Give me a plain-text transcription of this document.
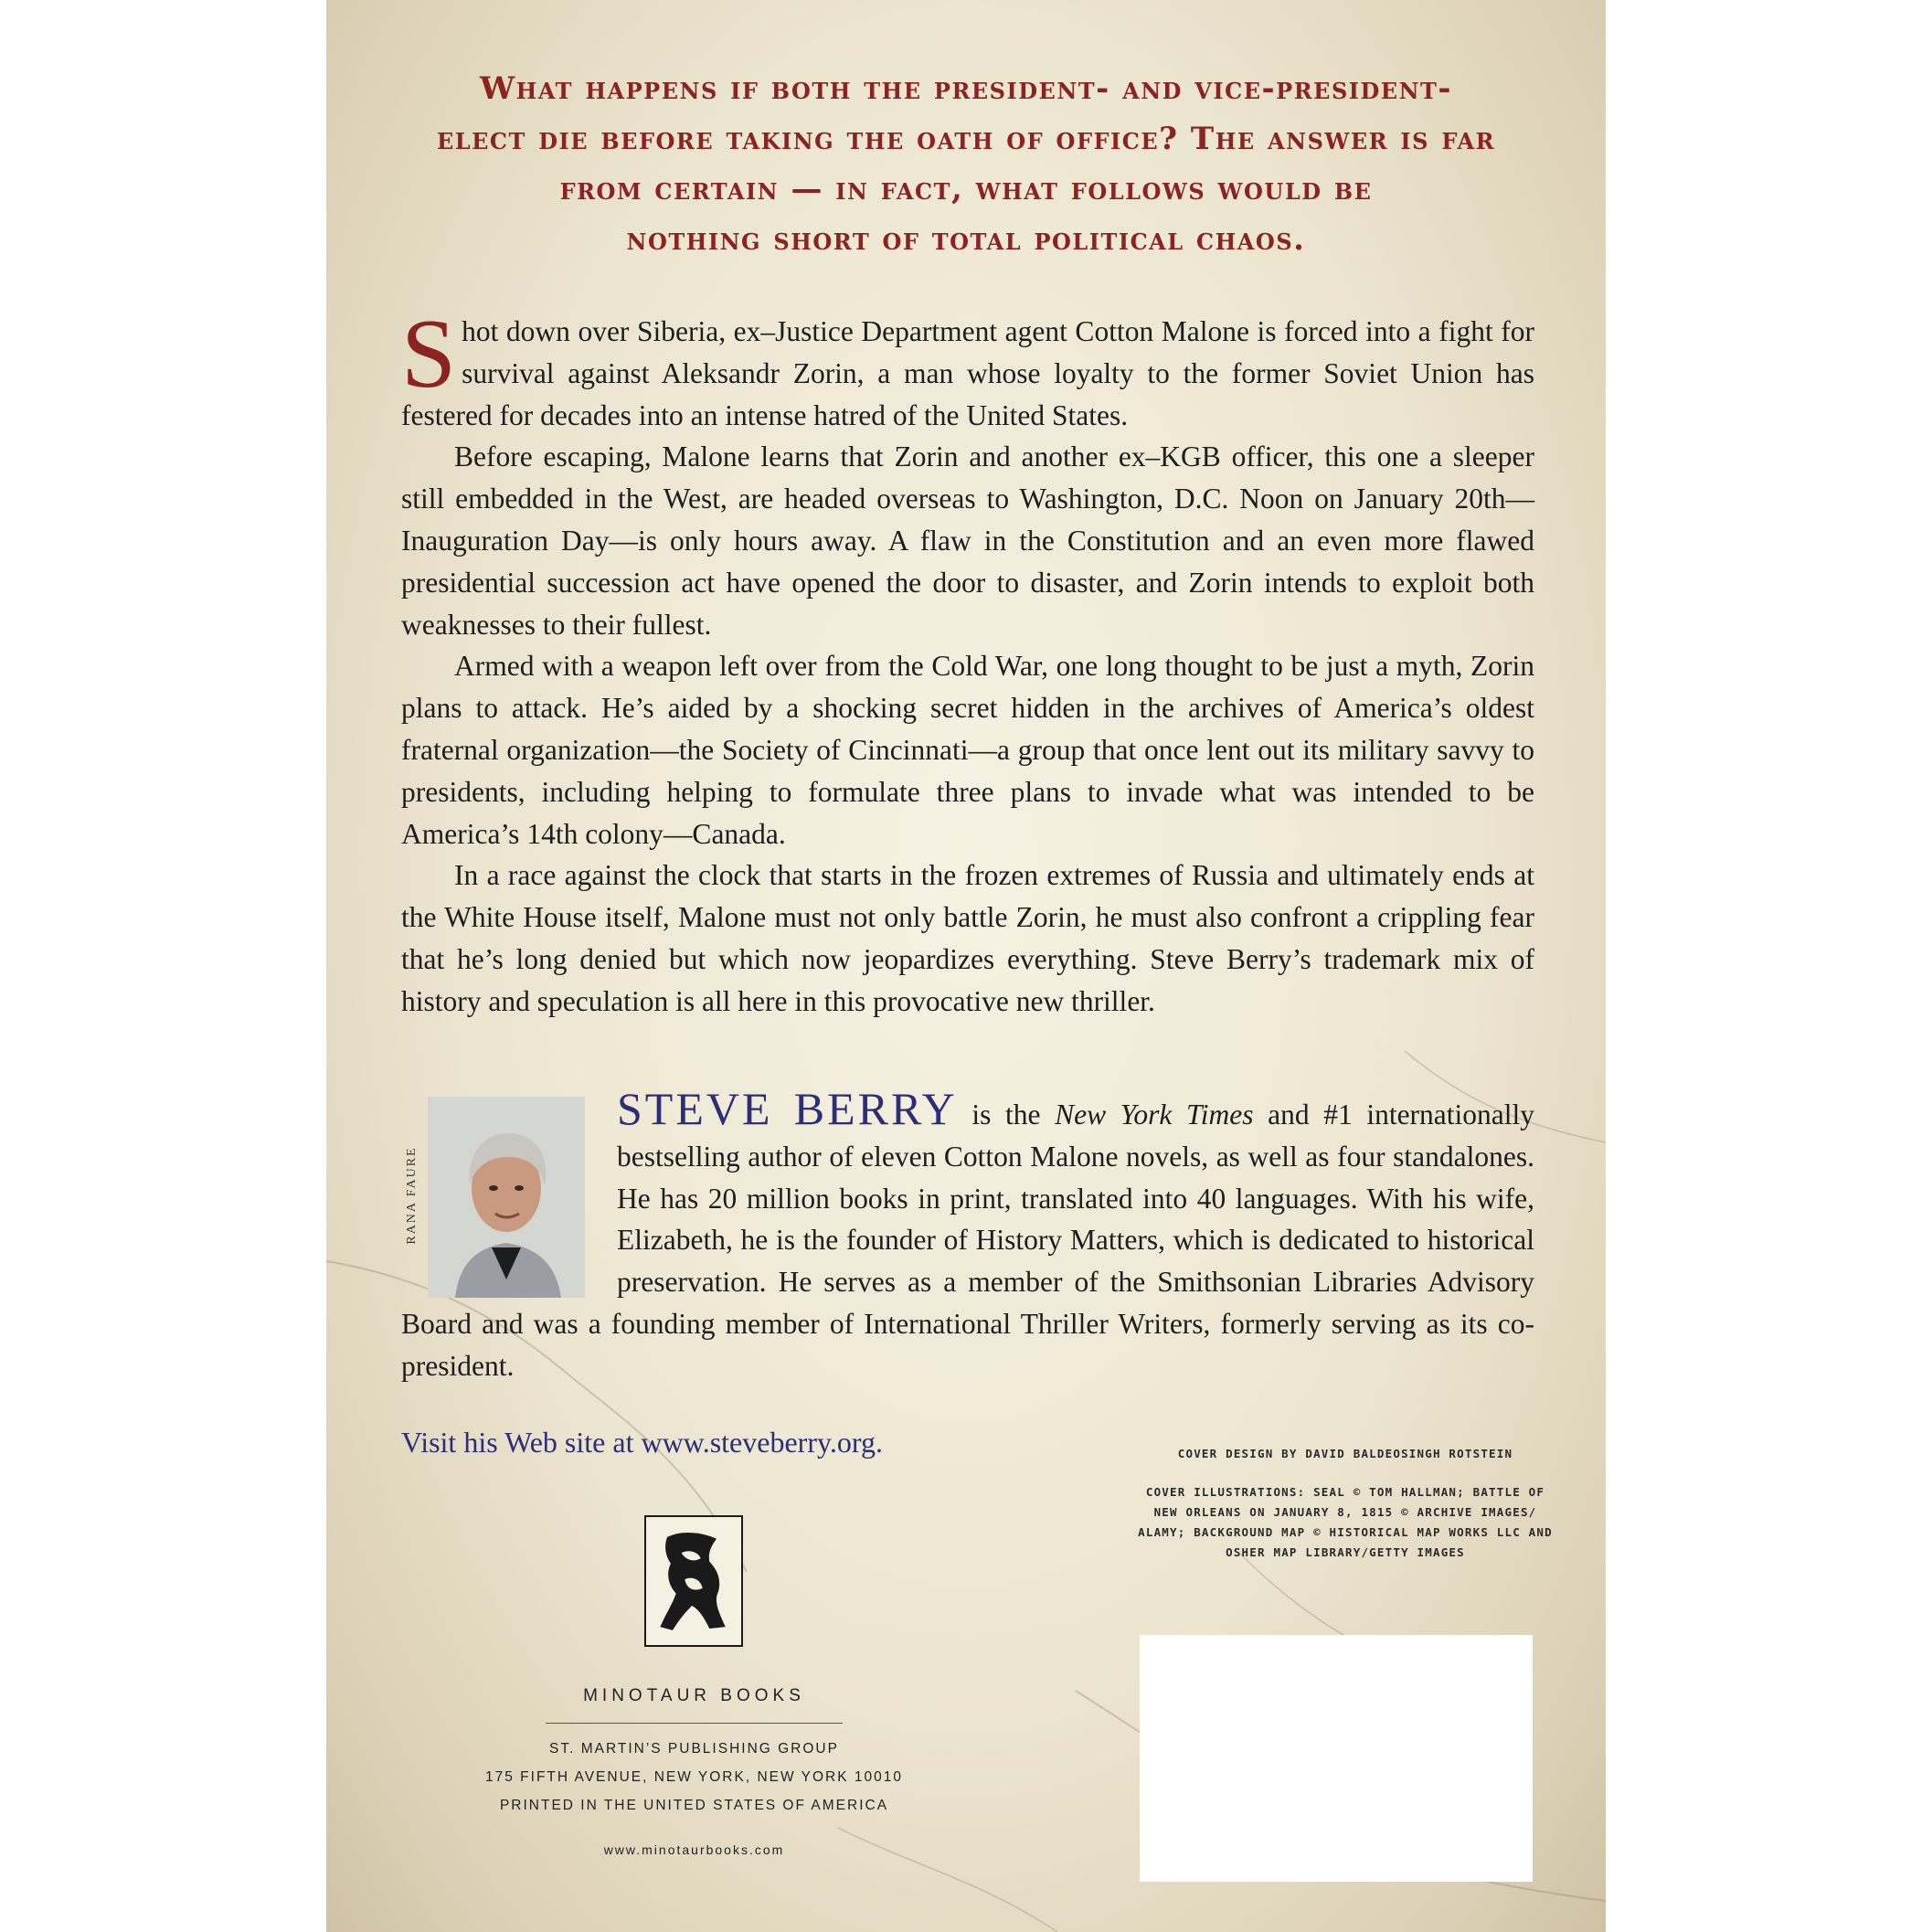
What happens if both the president- and vice-president-
elect die before taking the oath of office? The answer is far
from certain — in fact, what follows would be
nothing short of total political chaos.

Shot down over Siberia, ex–Justice Department agent Cotton Malone is forced into a fight for survival against Aleksandr Zorin, a man whose loyalty to the former Soviet Union has festered for decades into an intense hatred of the United States.

Before escaping, Malone learns that Zorin and another ex–KGB officer, this one a sleeper still embedded in the West, are headed overseas to Washington, D.C. Noon on January 20th—Inauguration Day—is only hours away. A flaw in the Constitution and an even more flawed presidential succession act have opened the door to disaster, and Zorin intends to exploit both weaknesses to their fullest.

Armed with a weapon left over from the Cold War, one long thought to be just a myth, Zorin plans to attack. He’s aided by a shocking secret hidden in the archives of America’s oldest fraternal organization—the Society of Cincinnati—a group that once lent out its military savvy to presidents, including helping to formulate three plans to invade what was intended to be America’s 14th colony—Canada.

In a race against the clock that starts in the frozen extremes of Russia and ultimately ends at the White House itself, Malone must not only battle Zorin, he must also confront a crippling fear that he’s long denied but which now jeopardizes everything. Steve Berry’s trademark mix of history and speculation is all here in this provocative new thriller.

RANA FAURE
STEVE BERRY is the New York Times and #1 internationally bestselling author of eleven Cotton Malone novels, as well as four standalones. He has 20 million books in print, translated into 40 languages. With his wife, Elizabeth, he is the founder of History Matters, which is dedicated to historical preservation. He serves as a member of the Smithsonian Libraries Advisory Board and was a founding member of International Thriller Writers, formerly serving as its co-president.
Visit his Web site at www.steveberry.org.	COVER DESIGN BY DAVID BALDEOSINGH ROTSTEIN
COVER ILLUSTRATIONS: SEAL © TOM HALLMAN; BATTLE OF NEW ORLEANS ON JANUARY 8, 1815 © ARCHIVE IMAGES/ ALAMY; BACKGROUND MAP © HISTORICAL MAP WORKS LLC AND OSHER MAP LIBRARY/GETTY IMAGES
MINOTAUR BOOKS
ST. MARTIN’S PUBLISHING GROUP
175 FIFTH AVENUE, NEW YORK, NEW YORK 10010
PRINTED IN THE UNITED STATES OF AMERICA
www.minotaurbooks.com
